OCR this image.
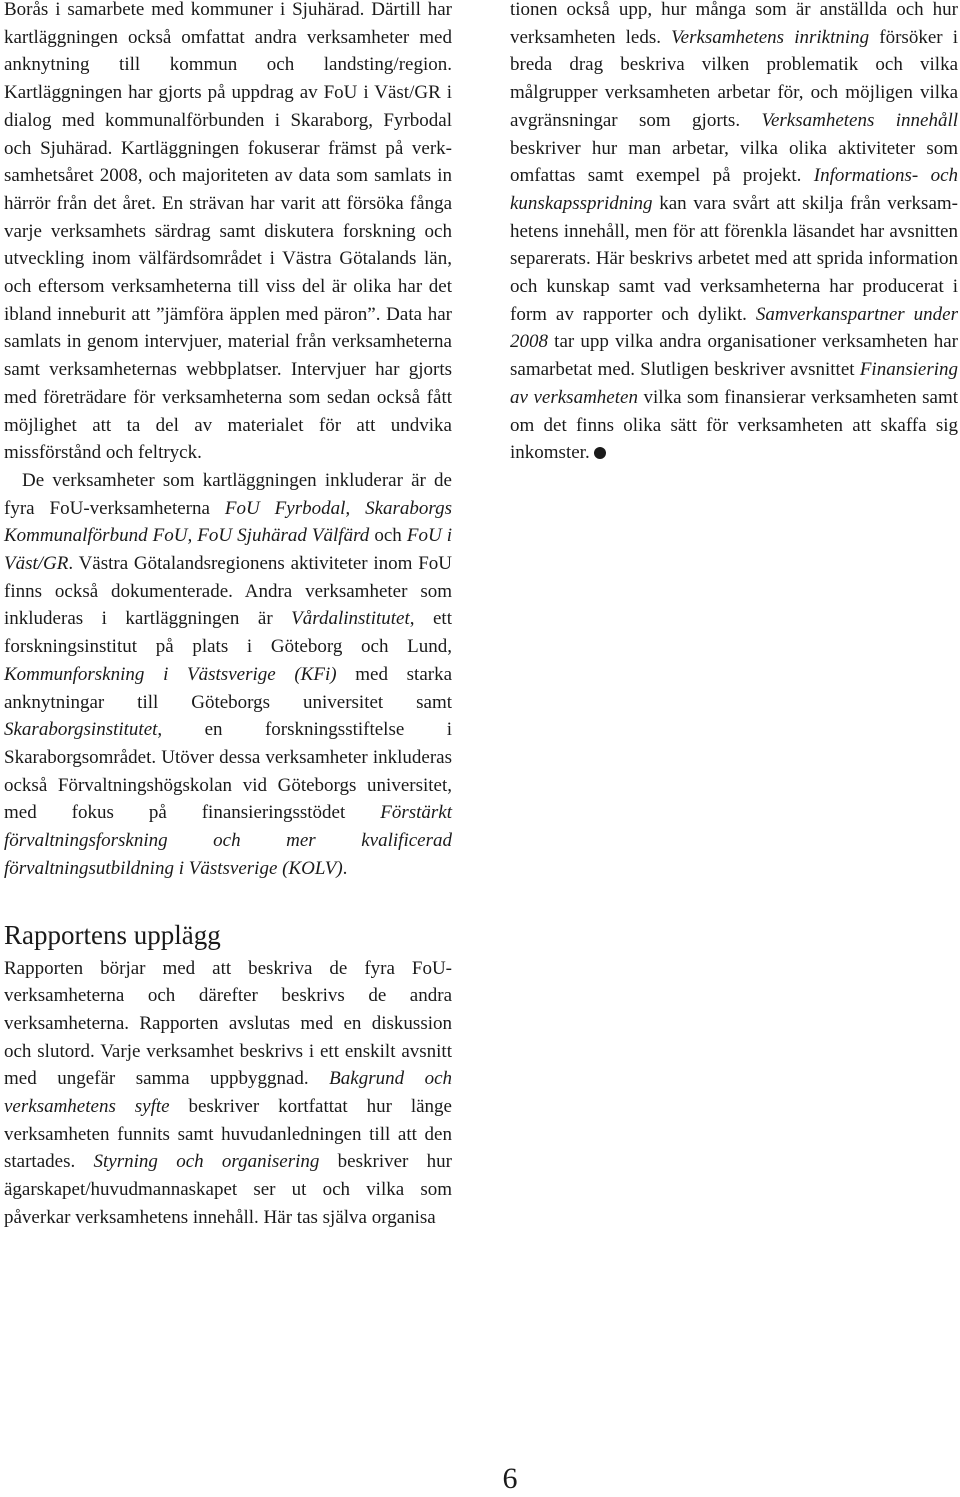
Borås i samarbete med kommuner i Sjuhärad. Därtill har kartläggningen också omfattat andra verksamheter med anknytning till kommun och landsting/region. Kartläggningen har gjorts på uppdrag av FoU i Väst/GR i dialog med kommunalförbunden i Skaraborg, Fyrbodal och Sjuhärad. Kartläggningen fokuserar främst på verksamhetsåret 2008, och majoriteten av data som samlats in härrör från det året. En strävan har varit att försöka fånga varje verksamhets särdrag samt diskutera forskning och utveckling inom välfärdsområdet i Västra Götalands län, och eftersom verksamheterna till viss del är olika har det ibland inneburit att ”jämföra äpplen med päron”. Data har samlats in genom intervjuer, material från verksamheterna samt verksamheternas webbplatser. Intervjuer har gjorts med företrädare för verksamheterna som sedan också fått möjlighet att ta del av materialet för att undvika missförstånd och feltryck.

De verksamheter som kartläggningen inkluderar är de fyra FoU-verksamheterna FoU Fyrbodal, Skaraborgs Kommunalförbund FoU, FoU Sjuhärad Välfärd och FoU i Väst/GR. Västra Götalandsregionens aktiviteter inom FoU finns också dokumenterade. Andra verksamheter som inkluderas i kartläggningen är Vårdalinstitutet, ett forskningsinstitut på plats i Göteborg och Lund, Kommunforskning i Västsverige (KFi) med starka anknytningar till Göteborgs universitet samt Skaraborgsinstitutet, en forskningsstiftelse i Skaraborgsområdet. Utöver dessa verksamheter inkluderas också Förvaltningshögskolan vid Göteborgs universitet, med fokus på finansieringsstödet Förstärkt förvaltningsforskning och mer kvalificerad förvaltningsutbildning i Västsverige (KOLV).

Rapportens upplägg

Rapporten börjar med att beskriva de fyra FoU-verksamheterna och därefter beskrivs de andra verksamheterna. Rapporten avslutas med en diskussion och slutord. Varje verksamhet beskrivs i ett enskilt avsnitt med ungefär samma uppbyggnad. Bakgrund och verksamhetens syfte beskriver kortfattat hur länge verksamheten funnits samt huvudanledningen till att den startades. Styrning och organisering beskriver hur ägarskapet/huvudmannaskapet ser ut och vilka som påverkar verksamhetens innehåll. Här tas själva organisa

tionen också upp, hur många som är anställda och hur verksamheten leds. Verksamhetens inriktning försöker i breda drag beskriva vilken problematik och vilka målgrupper verksamheten arbetar för, och möjligen vilka avgränsningar som gjorts. Verksamhetens innehåll beskriver hur man arbetar, vilka olika aktiviteter som omfattas samt exempel på projekt. Informations- och kunskapsspridning kan vara svårt att skilja från verksamhetens innehåll, men för att förenkla läsandet har avsnitten separerats. Här beskrivs arbetet med att sprida information och kunskap samt vad verksamheterna har producerat i form av rapporter och dylikt. Samverkanspartner under 2008 tar upp vilka andra organisationer verksamheten har samarbetat med. Slutligen beskriver avsnittet Finansiering av verksamheten vilka som finansierar verksamheten samt om det finns olika sätt för verksamheten att skaffa sig inkomster.

6
